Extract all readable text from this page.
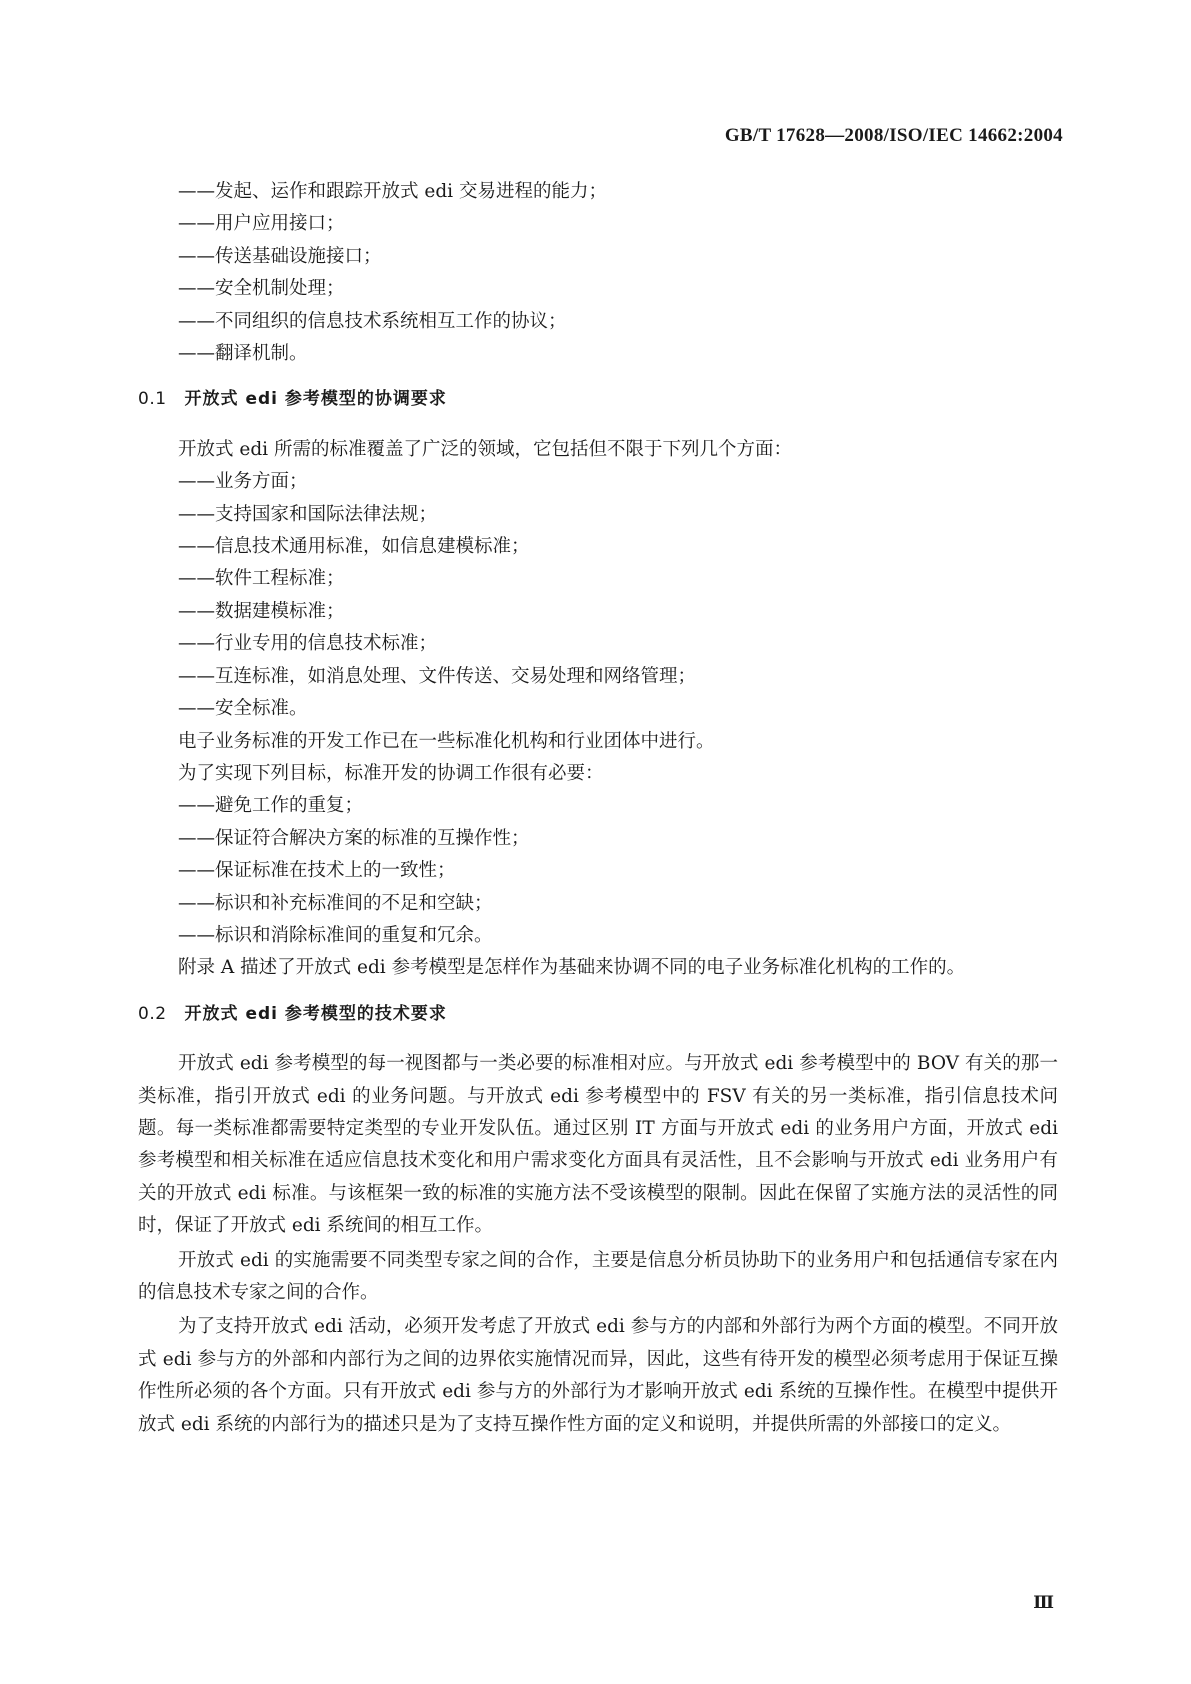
GB/T 17628—2008/ISO/IEC 14662:2004
——发起、运作和跟踪开放式 edi 交易进程的能力；
——用户应用接口；
——传送基础设施接口；
——安全机制处理；
——不同组织的信息技术系统相互工作的协议；
——翻译机制。
0.1 开放式 edi 参考模型的协调要求
开放式 edi 所需的标准覆盖了广泛的领域，它包括但不限于下列几个方面：
——业务方面；
——支持国家和国际法律法规；
——信息技术通用标准，如信息建模标准；
——软件工程标准；
——数据建模标准；
——行业专用的信息技术标准；
——互连标准，如消息处理、文件传送、交易处理和网络管理；
——安全标准。
电子业务标准的开发工作已在一些标准化机构和行业团体中进行。
为了实现下列目标，标准开发的协调工作很有必要：
——避免工作的重复；
——保证符合解决方案的标准的互操作性；
——保证标准在技术上的一致性；
——标识和补充标准间的不足和空缺；
——标识和消除标准间的重复和冗余。
附录 A 描述了开放式 edi 参考模型是怎样作为基础来协调不同的电子业务标准化机构的工作的。
0.2 开放式 edi 参考模型的技术要求

开放式 edi 参考模型的每一视图都与一类必要的标准相对应。与开放式 edi 参考模型中的 BOV 有关的那一类标准，指引开放式 edi 的业务问题。与开放式 edi 参考模型中的 FSV 有关的另一类标准，指引信息技术问题。每一类标准都需要特定类型的专业开发队伍。通过区别 IT 方面与开放式 edi 的业务用户方面，开放式 edi 参考模型和相关标准在适应信息技术变化和用户需求变化方面具有灵活性，且不会影响与开放式 edi 业务用户有关的开放式 edi 标准。与该框架一致的标准的实施方法不受该模型的限制。因此在保留了实施方法的灵活性的同时，保证了开放式 edi 系统间的相互工作。

开放式 edi 的实施需要不同类型专家之间的合作，主要是信息分析员协助下的业务用户和包括通信专家在内的信息技术专家之间的合作。

为了支持开放式 edi 活动，必须开发考虑了开放式 edi 参与方的内部和外部行为两个方面的模型。不同开放式 edi 参与方的外部和内部行为之间的边界依实施情况而异，因此，这些有待开发的模型必须考虑用于保证互操作性所必须的各个方面。只有开放式 edi 参与方的外部行为才影响开放式 edi 系统的互操作性。在模型中提供开放式 edi 系统的内部行为的描述只是为了支持互操作性方面的定义和说明，并提供所需的外部接口的定义。

Ⅲ
